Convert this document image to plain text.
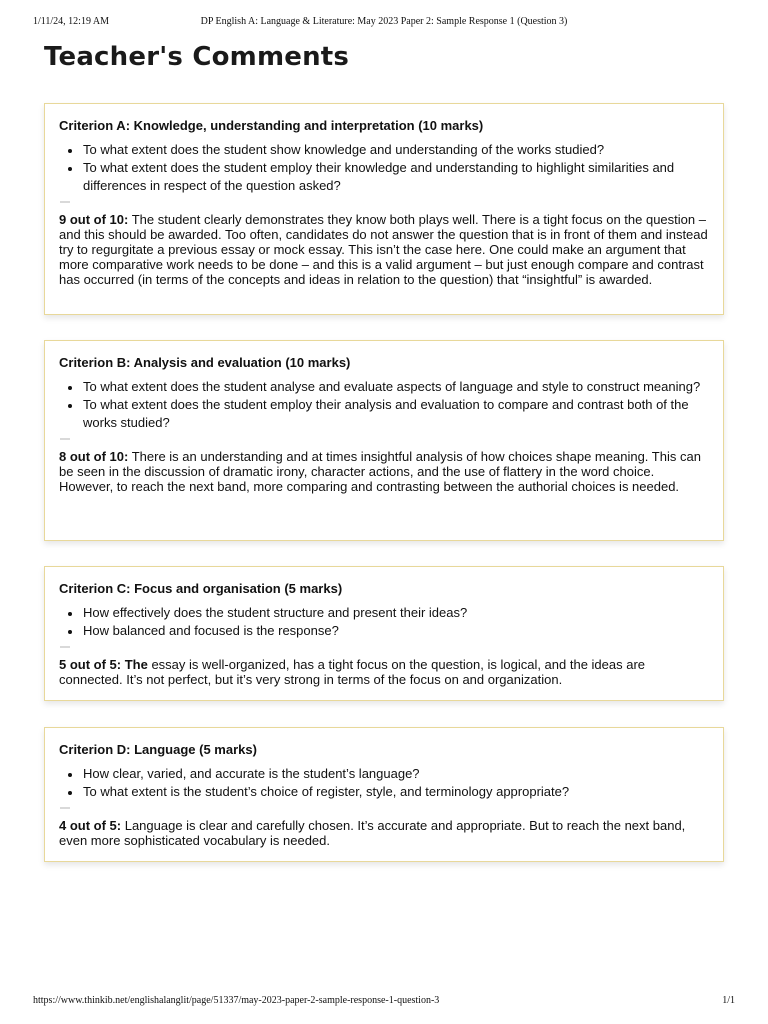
1/11/24, 12:19 AM	DP English A: Language & Literature: May 2023 Paper 2: Sample Response 1 (Question 3)
Teacher's Comments
Criterion A: Knowledge, understanding and interpretation (10 marks)
To what extent does the student show knowledge and understanding of the works studied?
To what extent does the student employ their knowledge and understanding to highlight similarities and differences in respect of the question asked?

9 out of 10: The student clearly demonstrates they know both plays well. There is a tight focus on the question – and this should be awarded. Too often, candidates do not answer the question that is in front of them and instead try to regurgitate a previous essay or mock essay. This isn’t the case here. One could make an argument that more comparative work needs to be done – and this is a valid argument – but just enough compare and contrast has occurred (in terms of the concepts and ideas in relation to the question) that “insightful” is awarded.

Criterion B: Analysis and evaluation (10 marks)
To what extent does the student analyse and evaluate aspects of language and style to construct meaning?
To what extent does the student employ their analysis and evaluation to compare and contrast both of the works studied?

8 out of 10: There is an understanding and at times insightful analysis of how choices shape meaning. This can be seen in the discussion of dramatic irony, character actions, and the use of flattery in the word choice. However, to reach the next band, more comparing and contrasting between the authorial choices is needed.

Criterion C: Focus and organisation (5 marks)
How effectively does the student structure and present their ideas?
How balanced and focused is the response?

5 out of 5: The essay is well-organized, has a tight focus on the question, is logical, and the ideas are connected. It’s not perfect, but it’s very strong in terms of the focus on and organization.

Criterion D: Language (5 marks)
How clear, varied, and accurate is the student’s language?
To what extent is the student’s choice of register, style, and terminology appropriate?

4 out of 5: Language is clear and carefully chosen. It’s accurate and appropriate. But to reach the next band, even more sophisticated vocabulary is needed.

https://www.thinkib.net/englishalanglit/page/51337/may-2023-paper-2-sample-response-1-question-3	1/1
